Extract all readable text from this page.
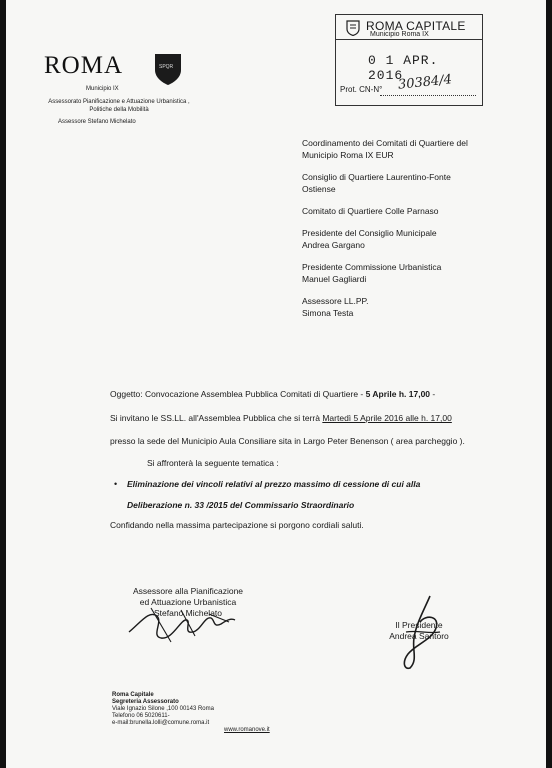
ROMA	SPQR
Municipio IX
Assessorato Pianificazione e Attuazione Urbanistica , Politiche della Mobilità
Assessore Stefano Michelato
ROMA CAPITALE
Municipio Roma IX
0 1 APR. 2016
Prot. CN-N° 30384/4
Coordinamento dei Comitati di Quartiere del
Municipio Roma IX EUR
Consiglio di Quartiere Laurentino-Fonte
Ostiense
Comitato di Quartiere Colle Parnaso
Presidente del Consiglio Municipale
Andrea Gargano
Presidente Commissione Urbanistica
Manuel Gagliardi
Assessore LL.PP.
Simona Testa
Oggetto: Convocazione Assemblea Pubblica Comitati di Quartiere - 5 Aprile h. 17,00 -
Si invitano le SS.LL. all'Assemblea Pubblica che si terrà Martedì 5 Aprile 2016 alle h. 17,00
presso la sede del Municipio Aula Consiliare sita in Largo Peter Benenson ( area parcheggio ).
Si affronterà la seguente tematica :
• Eliminazione dei vincoli relativi al prezzo massimo di cessione di cui alla
Deliberazione n. 33 /2015 del Commissario Straordinario
Confidando nella massima partecipazione si porgono cordiali saluti.
Assessore alla Pianificazione
ed Attuazione Urbanistica
Stefano Michelato
Il Presidente
Andrea Santoro
Roma Capitale
Segreteria Assessorato
Viale Ignazio Silone ,100 00143 Roma
Telefono 06 5020611-
e-mail:brunella.lolli@comune.roma.it
www.romanove.it
